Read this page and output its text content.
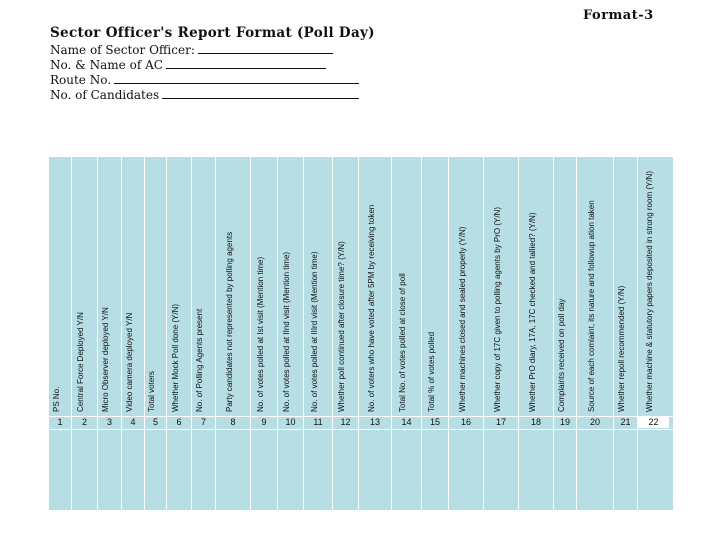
Format-3
Sector Officer's Report Format (Poll Day)
Name of Sector Officer:
No. & Name of AC
Route No.
No. of Candidates
PS No.
1
Central Force Deployed Y/N
2
Micro Observer deployed Y/N
3
Video camera deployed Y/N
4
Total voters
5
Whether Mock Poll done (Y/N)
6
No. of Polling Agents present
7
Party candidates not represented by polling agents
8
No. of votes polled at Ist visit (Mention time)
9
No. of votes polled at IInd visit (Mention time)
10
No. of votes polled at IIIrd visit (Mention time)
11
Whether poll continued after closure time? (Y/N)
12
No. of voters who have voted after 5PM by receiving token
13
Total No. of votes polled at close of poll
14
Total % of votes polled
15
Whether machines closed and sealed properly (Y/N)
16
Whether copy of 17C given to polling agents by PrO (Y/N)
17
Whether PrO diary, 17A, 17C checked and tallied? (Y/N)
18
Complaints received on poll day
19
Source of each comlaint, its nature and followup ation taken
20
Whether repoll recommended (Y/N)
21
Whether machine & statutory papers deposited in strong room (Y/N)
22
